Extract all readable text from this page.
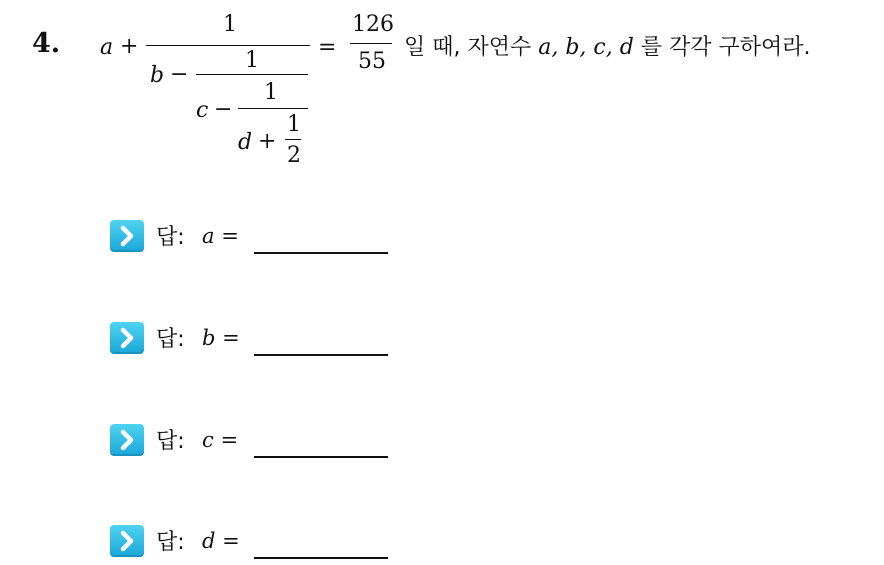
4. a +
1
b −
1
c −
1
d +
1
2
=
126
55
일 때, 자연수 a, b, c, d 를 각각 구하여라.
답: a =
답: b =
답: c =
답: d =
